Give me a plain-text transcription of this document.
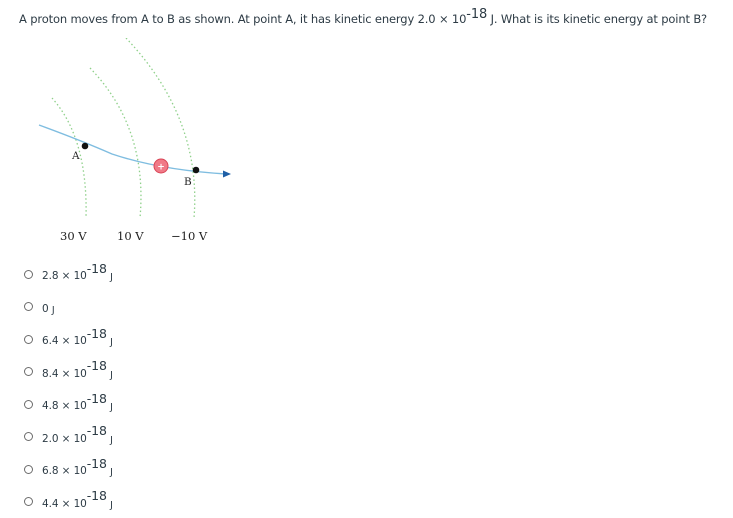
A proton moves from A to B as shown. At point A, it has kinetic energy $2.0 \times 10^{-18}$ J. What is its kinetic energy at point B?
A
+
B
30 V	10 V −10 V
$2.8 \times 10^{-18}$ J
0 J
$6.4 \times 10^{-18}$ J
$8.4 \times 10^{-18}$ J
$4.8 \times 10^{-18}$ J
$2.0 \times 10^{-18}$ J
$6.8 \times 10^{-18}$ J
$4.4 \times 10^{-18}$ J
